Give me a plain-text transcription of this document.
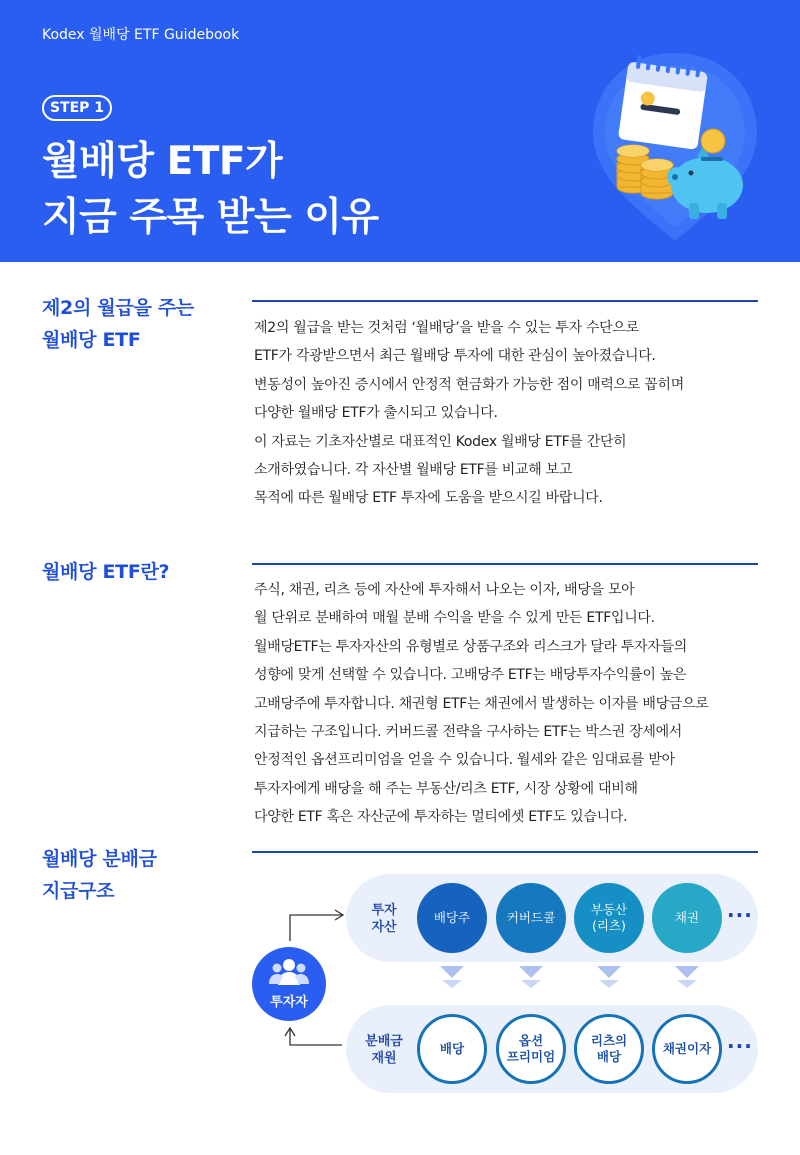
Kodex 월배당 ETF Guidebook
STEP 1
월배당 ETF가
지금 주목 받는 이유
제2의 월급을 주는
월배당 ETF
제2의 월급을 받는 것처럼 ‘월배당’을 받을 수 있는 투자 수단으로
ETF가 각광받으면서 최근 월배당 투자에 대한 관심이 높아졌습니다.
변동성이 높아진 증시에서 안정적 현금화가 가능한 점이 매력으로 꼽히며
다양한 월배당 ETF가 출시되고 있습니다.
이 자료는 기초자산별로 대표적인 Kodex 월배당 ETF를 간단히
소개하였습니다. 각 자산별 월배당 ETF를 비교해 보고
목적에 따른 월배당 ETF 투자에 도움을 받으시길 바랍니다.
월배당 ETF란?
주식, 채권, 리츠 등에 자산에 투자해서 나오는 이자, 배당을 모아
월 단위로 분배하여 매월 분배 수익을 받을 수 있게 만든 ETF입니다.
월배당ETF는 투자자산의 유형별로 상품구조와 리스크가 달라 투자자들의
성향에 맞게 선택할 수 있습니다. 고배당주 ETF는 배당투자수익률이 높은
고배당주에 투자합니다. 채권형 ETF는 채권에서 발생하는 이자를 배당금으로
지급하는 구조입니다. 커버드콜 전략을 구사하는 ETF는 박스권 장세에서
안정적인 옵션프리미엄을 얻을 수 있습니다. 월세와 같은 임대료를 받아
투자자에게 배당을 해 주는 부동산/리츠 ETF, 시장 상황에 대비해
다양한 ETF 혹은 자산군에 투자하는 멀티에셋 ETF도 있습니다.
월배당 분배금
지급구조
투자
자산
배당주	커버드콜
부동산
(리츠)
채권 ···
분배금
재원
배당
옵션
프리미엄
리츠의
배당
채권이자 ···
투자자
